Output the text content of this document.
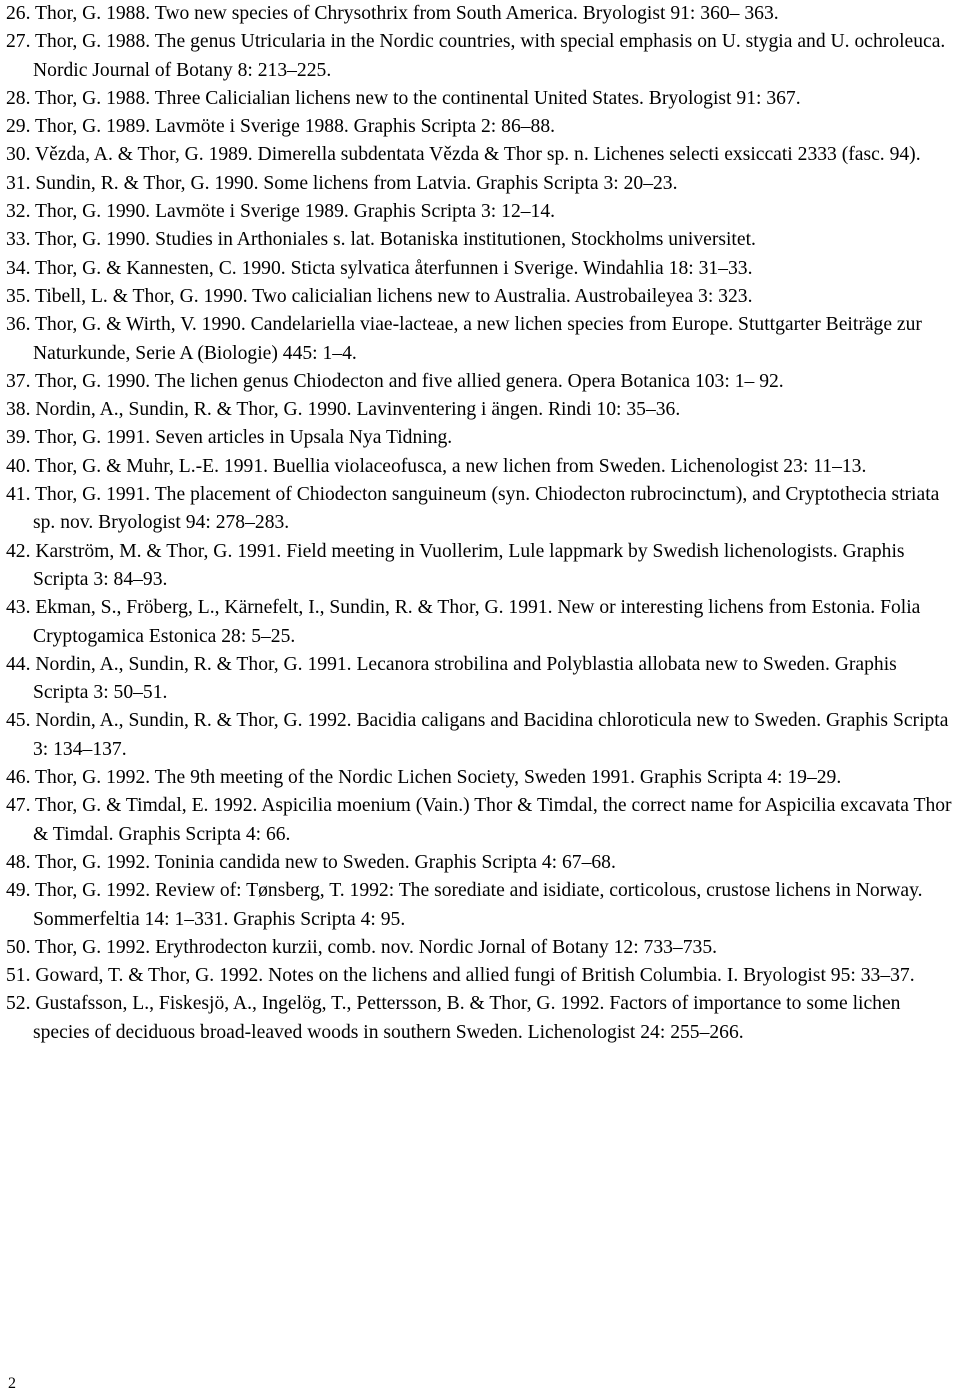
26. Thor, G. 1988. Two new species of Chrysothrix from South America. Bryologist 91: 360– 363.
27. Thor, G. 1988. The genus Utricularia in the Nordic countries, with special emphasis on U. stygia and U. ochroleuca. Nordic Journal of Botany 8: 213–225.
28. Thor, G. 1988. Three Calicialian lichens new to the continental United States. Bryologist 91: 367.
29. Thor, G. 1989. Lavmöte i Sverige 1988. Graphis Scripta 2: 86–88.
30. Vězda, A. & Thor, G. 1989. Dimerella subdentata Vězda & Thor sp. n. Lichenes selecti exsiccati 2333 (fasc. 94).
31. Sundin, R. & Thor, G. 1990. Some lichens from Latvia. Graphis Scripta 3: 20–23.
32. Thor, G. 1990. Lavmöte i Sverige 1989. Graphis Scripta 3: 12–14.
33. Thor, G. 1990. Studies in Arthoniales s. lat. Botaniska institutionen, Stockholms universitet.
34. Thor, G. & Kannesten, C. 1990. Sticta sylvatica återfunnen i Sverige. Windahlia 18: 31–33.
35. Tibell, L. & Thor, G. 1990. Two calicialian lichens new to Australia. Austrobaileyea 3: 323.
36. Thor, G. & Wirth, V. 1990. Candelariella viae-lacteae, a new lichen species from Europe. Stuttgarter Beiträge zur Naturkunde, Serie A (Biologie) 445: 1–4.
37. Thor, G. 1990. The lichen genus Chiodecton and five allied genera. Opera Botanica 103: 1– 92.
38. Nordin, A., Sundin, R. & Thor, G. 1990. Lavinventering i ängen. Rindi 10: 35–36.
39. Thor, G. 1991. Seven articles in Upsala Nya Tidning.
40. Thor, G. & Muhr, L.-E. 1991. Buellia violaceofusca, a new lichen from Sweden. Lichenologist 23: 11–13.
41. Thor, G. 1991. The placement of Chiodecton sanguineum (syn. Chiodecton rubrocinctum), and Cryptothecia striata sp. nov. Bryologist 94: 278–283.
42. Karström, M. & Thor, G. 1991. Field meeting in Vuollerim, Lule lappmark by Swedish lichenologists. Graphis Scripta 3: 84–93.
43. Ekman, S., Fröberg, L., Kärnefelt, I., Sundin, R. & Thor, G. 1991. New or interesting lichens from Estonia. Folia Cryptogamica Estonica 28: 5–25.
44. Nordin, A., Sundin, R. & Thor, G. 1991. Lecanora strobilina and Polyblastia allobata new to Sweden. Graphis Scripta 3: 50–51.
45. Nordin, A., Sundin, R. & Thor, G. 1992. Bacidia caligans and Bacidina chloroticula new to Sweden. Graphis Scripta 3: 134–137.
46. Thor, G. 1992. The 9th meeting of the Nordic Lichen Society, Sweden 1991. Graphis Scripta 4: 19–29.
47. Thor, G. & Timdal, E. 1992. Aspicilia moenium (Vain.) Thor & Timdal, the correct name for Aspicilia excavata Thor & Timdal. Graphis Scripta 4: 66.
48. Thor, G. 1992. Toninia candida new to Sweden. Graphis Scripta 4: 67–68.
49. Thor, G. 1992. Review of: Tønsberg, T. 1992: The sorediate and isidiate, corticolous, crustose lichens in Norway. Sommerfeltia 14: 1–331. Graphis Scripta 4: 95.
50. Thor, G. 1992. Erythrodecton kurzii, comb. nov. Nordic Jornal of Botany 12: 733–735.
51. Goward, T. & Thor, G. 1992. Notes on the lichens and allied fungi of British Columbia. I. Bryologist 95: 33–37.
52. Gustafsson, L., Fiskesjö, A., Ingelög, T., Pettersson, B. & Thor, G. 1992. Factors of importance to some lichen species of deciduous broad-leaved woods in southern Sweden. Lichenologist 24: 255–266.
2
